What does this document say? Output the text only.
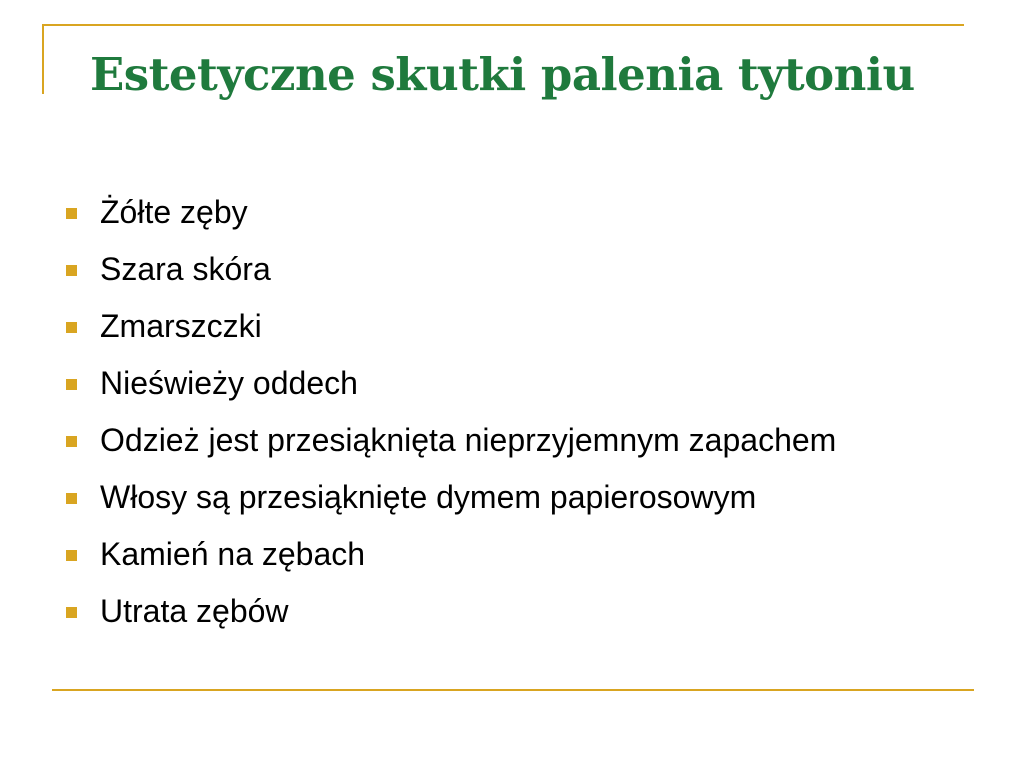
Estetyczne skutki palenia tytoniu
Żółte zęby
Szara skóra
Zmarszczki
Nieświeży oddech
Odzież jest przesiąknięta nieprzyjemnym zapachem
Włosy są przesiąknięte dymem papierosowym
Kamień na zębach
Utrata zębów
